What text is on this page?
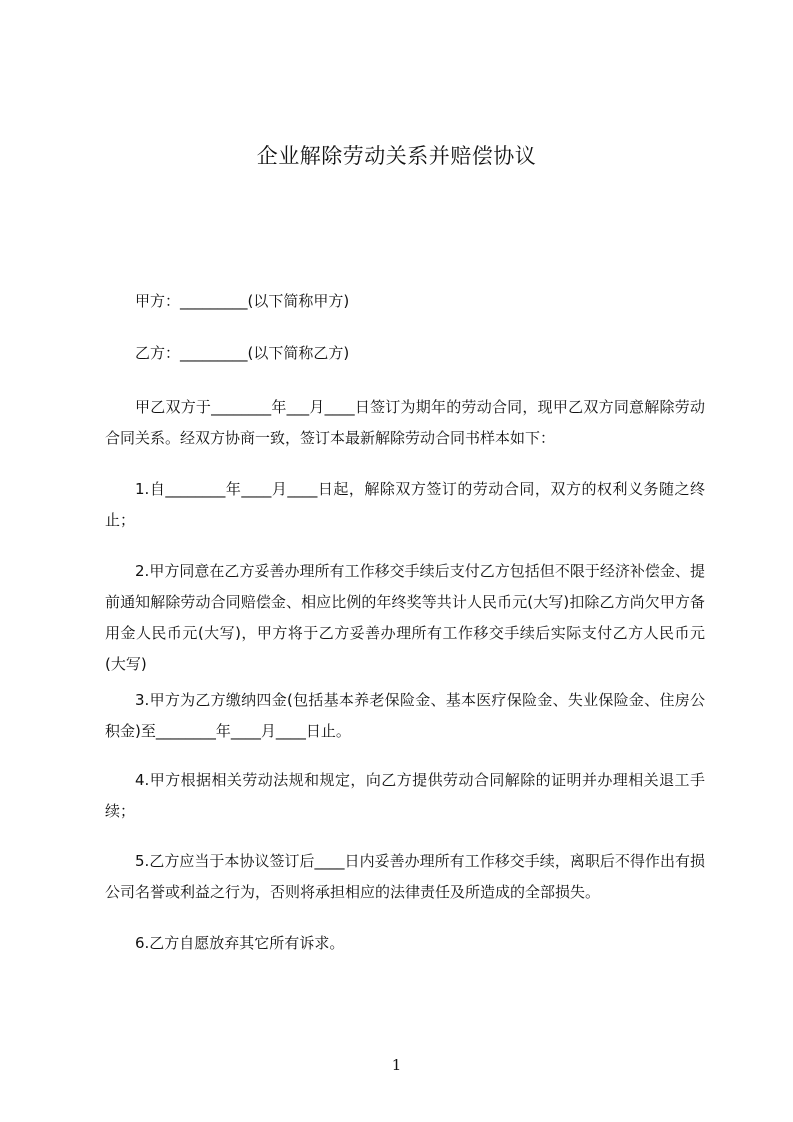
企业解除劳动关系并赔偿协议

甲方：_________(以下简称甲方)

乙方：_________(以下简称乙方)

甲乙双方于________年___月____日签订为期年的劳动合同，现甲乙双方同意解除劳动合同关系。经双方协商一致，签订本最新解除劳动合同书样本如下：

1.自________年____月____日起，解除双方签订的劳动合同，双方的权利义务随之终止；

2.甲方同意在乙方妥善办理所有工作移交手续后支付乙方包括但不限于经济补偿金、提前通知解除劳动合同赔偿金、相应比例的年终奖等共计人民币元(大写)扣除乙方尚欠甲方备用金人民币元(大写)，甲方将于乙方妥善办理所有工作移交手续后实际支付乙方人民币元(大写)

3.甲方为乙方缴纳四金(包括基本养老保险金、基本医疗保险金、失业保险金、住房公积金)至________年____月____日止。

4.甲方根据相关劳动法规和规定，向乙方提供劳动合同解除的证明并办理相关退工手续；

5.乙方应当于本协议签订后____日内妥善办理所有工作移交手续，离职后不得作出有损公司名誉或利益之行为，否则将承担相应的法律责任及所造成的全部损失。

6.乙方自愿放弃其它所有诉求。

1
